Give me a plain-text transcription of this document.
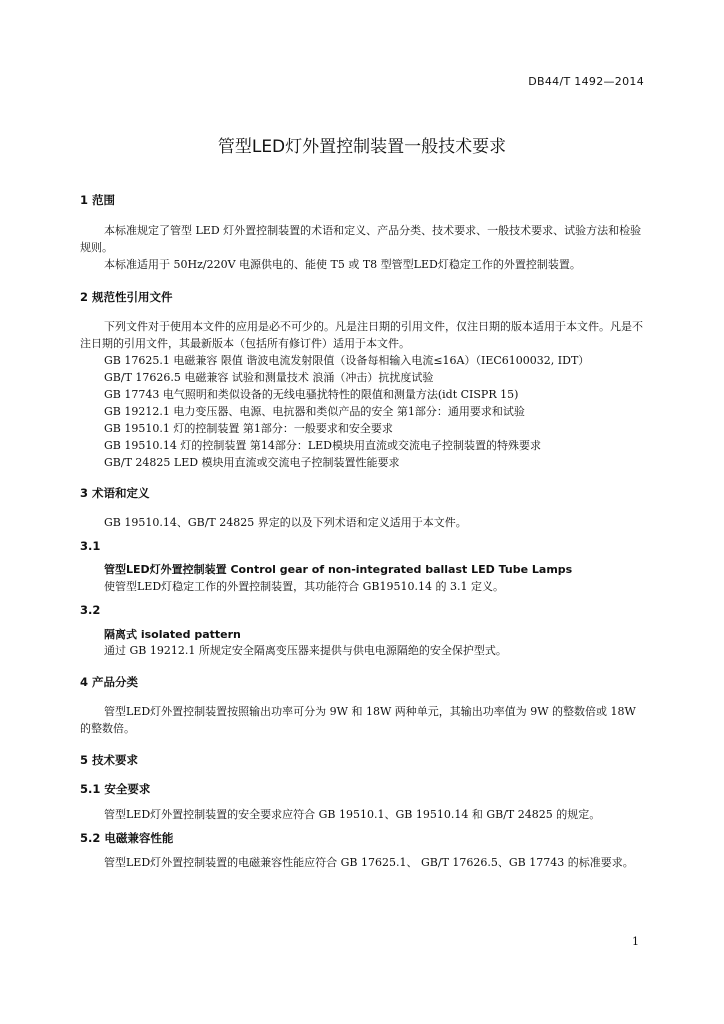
DB44/T 1492—2014
管型LED灯外置控制装置一般技术要求
1 范围
本标准规定了管型 LED 灯外置控制装置的术语和定义、产品分类、技术要求、一般技术要求、试验方法和检验规则。
本标准适用于 50Hz/220V 电源供电的、能使 T5 或 T8 型管型LED灯稳定工作的外置控制装置。
2 规范性引用文件
下列文件对于使用本文件的应用是必不可少的。凡是注日期的引用文件，仅注日期的版本适用于本文件。凡是不注日期的引用文件，其最新版本（包括所有修订件）适用于本文件。
GB 17625.1 电磁兼容 限值 谐波电流发射限值（设备每相输入电流≤16A）（IEC6100032, IDT）
GB/T 17626.5 电磁兼容 试验和测量技术 浪涌（冲击）抗扰度试验
GB 17743 电气照明和类似设备的无线电骚扰特性的限值和测量方法(idt CISPR 15)
GB 19212.1 电力变压器、电源、电抗器和类似产品的安全 第1部分：通用要求和试验
GB 19510.1 灯的控制装置 第1部分：一般要求和安全要求
GB 19510.14 灯的控制装置 第14部分：LED模块用直流或交流电子控制装置的特殊要求
GB/T 24825 LED 模块用直流或交流电子控制装置性能要求
3 术语和定义
GB 19510.14、GB/T 24825 界定的以及下列术语和定义适用于本文件。
3.1
管型LED灯外置控制装置 Control gear of non-integrated ballast LED Tube Lamps
使管型LED灯稳定工作的外置控制装置，其功能符合 GB19510.14 的 3.1 定义。
3.2
隔离式 isolated pattern
通过 GB 19212.1 所规定安全隔离变压器来提供与供电电源隔绝的安全保护型式。
4 产品分类
管型LED灯外置控制装置按照输出功率可分为 9W 和 18W 两种单元，其输出功率值为 9W 的整数倍或 18W 的整数倍。
5 技术要求
5.1 安全要求
管型LED灯外置控制装置的安全要求应符合 GB 19510.1、GB 19510.14 和 GB/T 24825 的规定。
5.2 电磁兼容性能
管型LED灯外置控制装置的电磁兼容性能应符合 GB 17625.1、 GB/T 17626.5、GB 17743 的标准要求。
1
